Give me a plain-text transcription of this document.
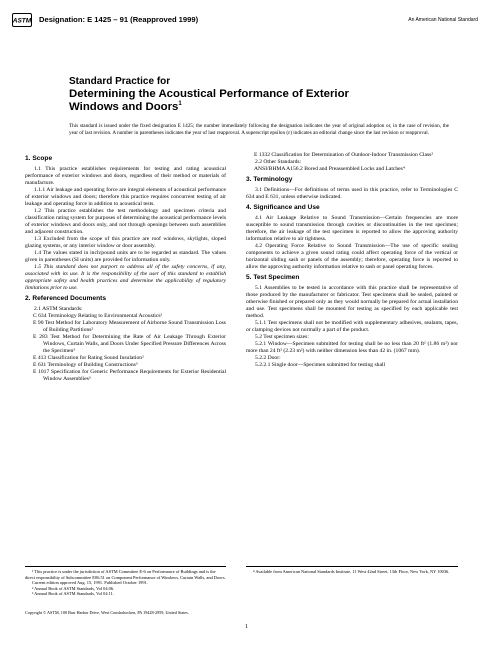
ASTM Designation: E 1425 – 91 (Reapproved 1999)	An American National Standard
Standard Practice for
Determining the Acoustical Performance of Exterior
Windows and Doors$^1$
This standard is issued under the fixed designation E 1425; the number immediately following the designation indicates the year of original adoption or, in the case of revision, the year of last revision. A number in parentheses indicates the year of last reapproval. A superscript epsilon (ε) indicates an editorial change since the last revision or reapproval.
1. Scope

1.1 This practice establishes requirements for testing and rating acoustical performance of exterior windows and doors, regardless of their method or materials of manufacture.

1.1.1 Air leakage and operating force are integral elements of acoustical performance of exterior windows and doors; therefore this practice requires concurrent testing of air leakage and operating force in addition to acoustical tests.

1.2 This practice establishes the test methodology and specimen criteria and classification rating system for purposes of determining the acoustical performance levels of exterior windows and doors only, and not through openings between such assemblies and adjacent construction.

1.3 Excluded from the scope of this practice are roof windows, skylights, sloped glazing systems, or any interior window or door assembly.

1.4 The values stated in inch/pound units are to be regarded as standard. The values given in parentheses (SI units) are provided for information only.

1.5 This standard does not purport to address all of the safety concerns, if any, associated with its use. It is the responsibility of the user of this standard to establish appropriate safety and health practices and determine the applicability of regulatory limitations prior to use.

2. Referenced Documents

2.1 ASTM Standards:

C 634 Terminology Relating to Environmental Acoustics²

E 90 Test Method for Laboratory Measurement of Airborne Sound Transmission Loss of Building Partitions²

E 283 Test Method for Determining the Rate of Air Leakage Through Exterior Windows, Curtain Walls, and Doors Under Specified Pressure Differences Across the Specimen³

E 413 Classification for Rating Sound Insulation²

E 631 Terminology of Building Constructions³

E 1017 Specification for Generic Performance Requirements for Exterior Residential Window Assemblies³

E 1332 Classification for Determination of Outdoor-Indoor Transmission Class²

2.2 Other Standards:

ANSI/BHMA A156.2 Bored and Preassembled Locks and Latches⁴

3. Terminology

3.1 Definitions—For definitions of terms used in this practice, refer to Terminologies C 634 and E 631, unless otherwise indicated.

4. Significance and Use

4.1 Air Leakage Relative to Sound Transmission—Certain frequencies are more susceptible to sound transmission through cavities or discontinuities in the test specimen; therefore, the air leakage of the test specimen is reported to allow the approving authority information relative to air tightness.

4.2 Operating Force Relative to Sound Transmission—The use of specific sealing components to achieve a given sound rating could affect operating force of the vertical or horizontal sliding sash or panels of the assembly; therefore, operating force is reported to allow the approving authority information relative to sash or panel operating forces.

5. Test Specimen

5.1 Assemblies to be tested in accordance with this practice shall be representative of those produced by the manufacturer or fabricator. Test specimens shall be sealed, painted or otherwise finished or prepared only as they would normally be prepared for actual installation and use. Test specimens shall be mounted for testing as specified by each applicable test method.

5.1.1 Test specimens shall not be modified with supplementary adhesives, sealants, tapes, or clamping devices not normally a part of the product.

5.2 Test specimen sizes:

5.2.1 Window—Specimen submitted for testing shall be no less than 20 ft² (1.86 m²) nor more than 24 ft² (2.23 m²) with neither dimension less than 42 in. (1067 mm).

5.2.2 Door:

5.2.2.1 Single door—Specimen submitted for testing shall

¹ This practice is under the jurisdiction of ASTM Committee E-6 on Performance of Buildings and is the direct responsibility of Subcommittee E06.51 on Component Performance of Windows, Curtain Walls, and Doors.

Current edition approved Aug. 15, 1991. Published October 1991.

² Annual Book of ASTM Standards, Vol 04.06.

³ Annual Book of ASTM Standards, Vol 04.11.

⁴ Available from American National Standards Institute, 11 West 42nd Street, 13th Floor, New York, NY 10036.

Copyright © ASTM, 100 Barr Harbor Drive, West Conshohocken, PA 19428-2959, United States.
1
